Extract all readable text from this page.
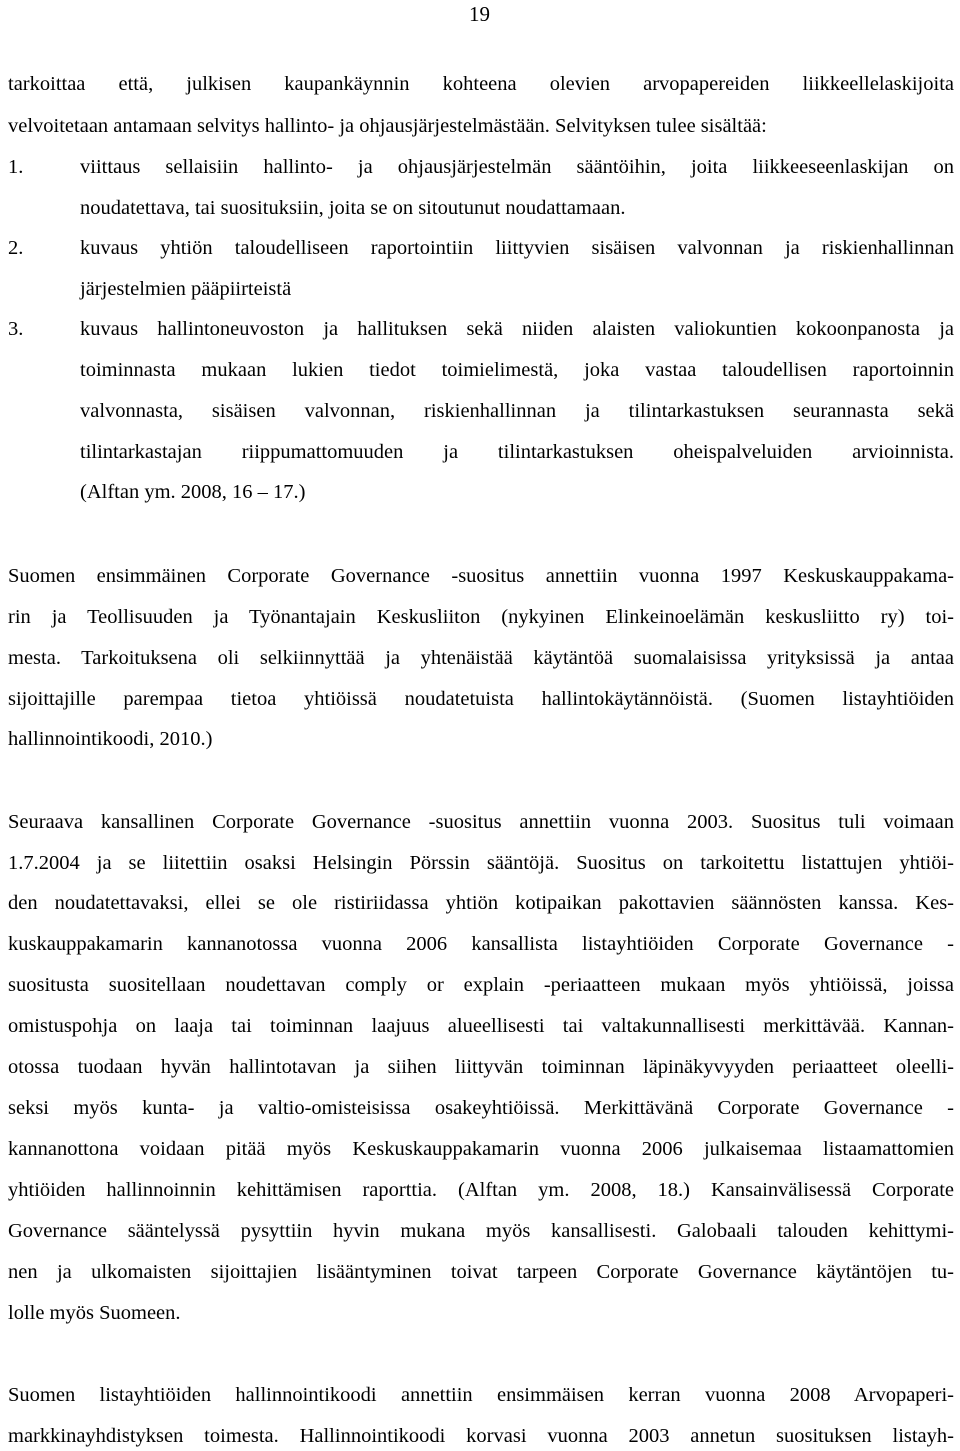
19
tarkoittaa että, julkisen kaupankäynnin kohteena olevien arvopapereiden liikkeellelaskijoita
velvoitetaan antamaan selvitys hallinto- ja ohjausjärjestelmästään. Selvityksen tulee sisältää:
1.	viittaus sellaisiin hallinto- ja ohjausjärjestelmän sääntöihin, joita liikkeeseenlaskijan on
noudatettava, tai suosituksiin, joita se on sitoutunut noudattamaan.
2.	kuvaus yhtiön taloudelliseen raportointiin liittyvien sisäisen valvonnan ja riskienhallinnan
järjestelmien pääpiirteistä
3.	kuvaus hallintoneuvoston ja hallituksen sekä niiden alaisten valiokuntien kokoonpanosta ja
toiminnasta mukaan lukien tiedot toimielimestä, joka vastaa taloudellisen raportoinnin
valvonnasta, sisäisen valvonnan, riskienhallinnan ja tilintarkastuksen seurannasta sekä
tilintarkastajan riippumattomuuden ja tilintarkastuksen oheispalveluiden arvioinnista.
(Alftan ym. 2008, 16 – 17.)
Suomen ensimmäinen Corporate Governance -suositus annettiin vuonna 1997 Keskuskauppakama-
rin ja Teollisuuden ja Työnantajain Keskusliiton (nykyinen Elinkeinoelämän keskusliitto ry) toi-
mesta. Tarkoituksena oli selkiinnyttää ja yhtenäistää käytäntöä suomalaisissa yrityksissä ja antaa
sijoittajille parempaa tietoa yhtiöissä noudatetuista hallintokäytännöistä. (Suomen listayhtiöiden
hallinnointikoodi, 2010.)
Seuraava kansallinen Corporate Governance -suositus annettiin vuonna 2003. Suositus tuli voimaan
1.7.2004 ja se liitettiin osaksi Helsingin Pörssin sääntöjä. Suositus on tarkoitettu listattujen yhtiöi-
den noudatettavaksi, ellei se ole ristiriidassa yhtiön kotipaikan pakottavien säännösten kanssa. Kes-
kuskauppakamarin kannanotossa vuonna 2006 kansallista listayhtiöiden Corporate Governance -
suositusta suositellaan noudettavan comply or explain -periaatteen mukaan myös yhtiöissä, joissa
omistuspohja on laaja tai toiminnan laajuus alueellisesti tai valtakunnallisesti merkittävää. Kannan-
otossa tuodaan hyvän hallintotavan ja siihen liittyvän toiminnan läpinäkyvyyden periaatteet oleelli-
seksi myös kunta- ja valtio-omisteisissa osakeyhtiöissä. Merkittävänä Corporate Governance -
kannanottona voidaan pitää myös Keskuskauppakamarin vuonna 2006 julkaisemaa listaamattomien
yhtiöiden hallinnoinnin kehittämisen raporttia. (Alftan ym. 2008, 18.) Kansainvälisessä Corporate
Governance sääntelyssä pysyttiin hyvin mukana myös kansallisesti. Galobaali talouden kehittymi-
nen ja ulkomaisten sijoittajien lisääntyminen toivat tarpeen Corporate Governance käytäntöjen tu-
lolle myös Suomeen.
Suomen listayhtiöiden hallinnointikoodi annettiin ensimmäisen kerran vuonna 2008 Arvopaperi-
markkinayhdistyksen toimesta. Hallinnointikoodi korvasi vuonna 2003 annetun suosituksen listayh-
